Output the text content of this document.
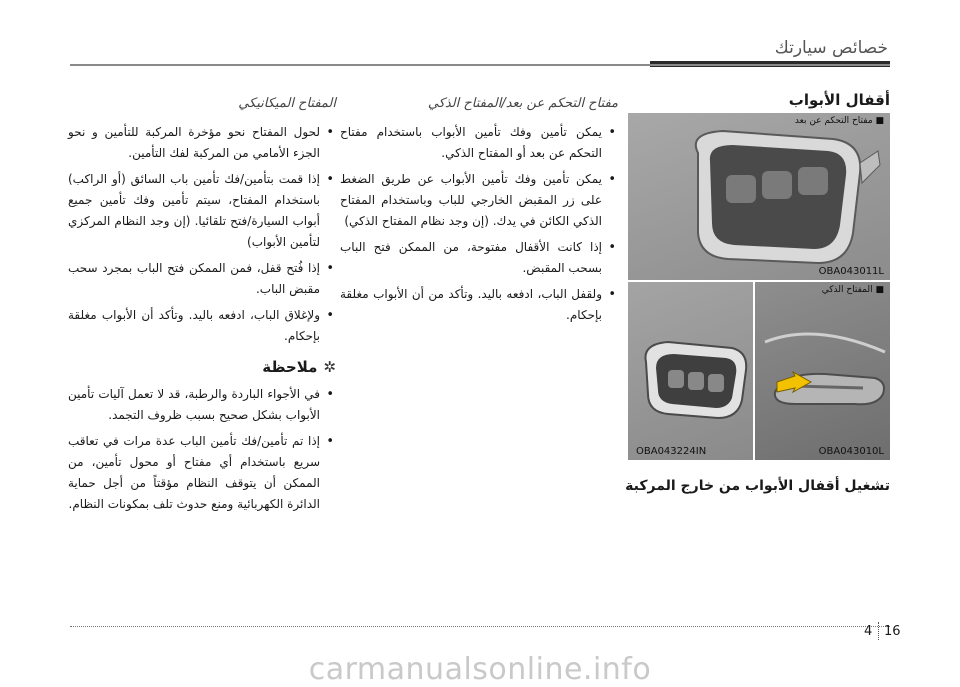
خصائص سيارتك
أقفال الأبواب
■ مفتاح التحكم عن بعد
OBA043011L
OBA043224IN
■ المفتاح الذكي
OBA043010L
تشغيل أقفال الأبواب من خارج المركبة
مفتاح التحكم عن بعد/المفتاح الذكي
• يمكن تأمين وفك تأمين الأبواب باستخدام مفتاح التحكم عن بعد أو المفتاح الذكي.
• يمكن تأمين وفك تأمين الأبواب عن طريق الضغط على زر المقبض الخارجي للباب وباستخدام المفتاح الذكي الكائن في يدك. (إن وجد نظام المفتاح الذكي)
• إذا كانت الأقفال مفتوحة، من الممكن فتح الباب بسحب المقبض.
• ولقفل الباب، ادفعه باليد. وتأكد من أن الأبواب مغلقة بإحكام.
المفتاح الميكانيكي
• لحول المفتاح نحو مؤخرة المركبة للتأمين و نحو الجزء الأمامي من المركبة لفك التأمين.
• إذا قمت بتأمين/فك تأمين باب السائق (أو الراكب) باستخدام المفتاح، سيتم تأمين وفك تأمين جميع أبواب السيارة/فتح تلقائيا. (إن وجد النظام المركزي لتأمين الأبواب)
• إذا فُتح قفل، فمن الممكن فتح الباب بمجرد سحب مقبض الباب.
• ولإغلاق الباب، ادفعه باليد. وتأكد أن الأبواب مغلقة بإحكام.
✲
ملاحظة
• في الأجواء الباردة والرطبة، قد لا تعمل آليات تأمين الأبواب بشكل صحيح بسبب ظروف التجمد.
• إذا تم تأمين/فك تأمين الباب عدة مرات في تعاقب سريع باستخدام أي مفتاح أو محول تأمين، من الممكن أن يتوقف النظام مؤقتاً من أجل حماية الدائرة الكهربائية ومنع حدوث تلف بمكونات النظام.
4 16
carmanualsonline.info
